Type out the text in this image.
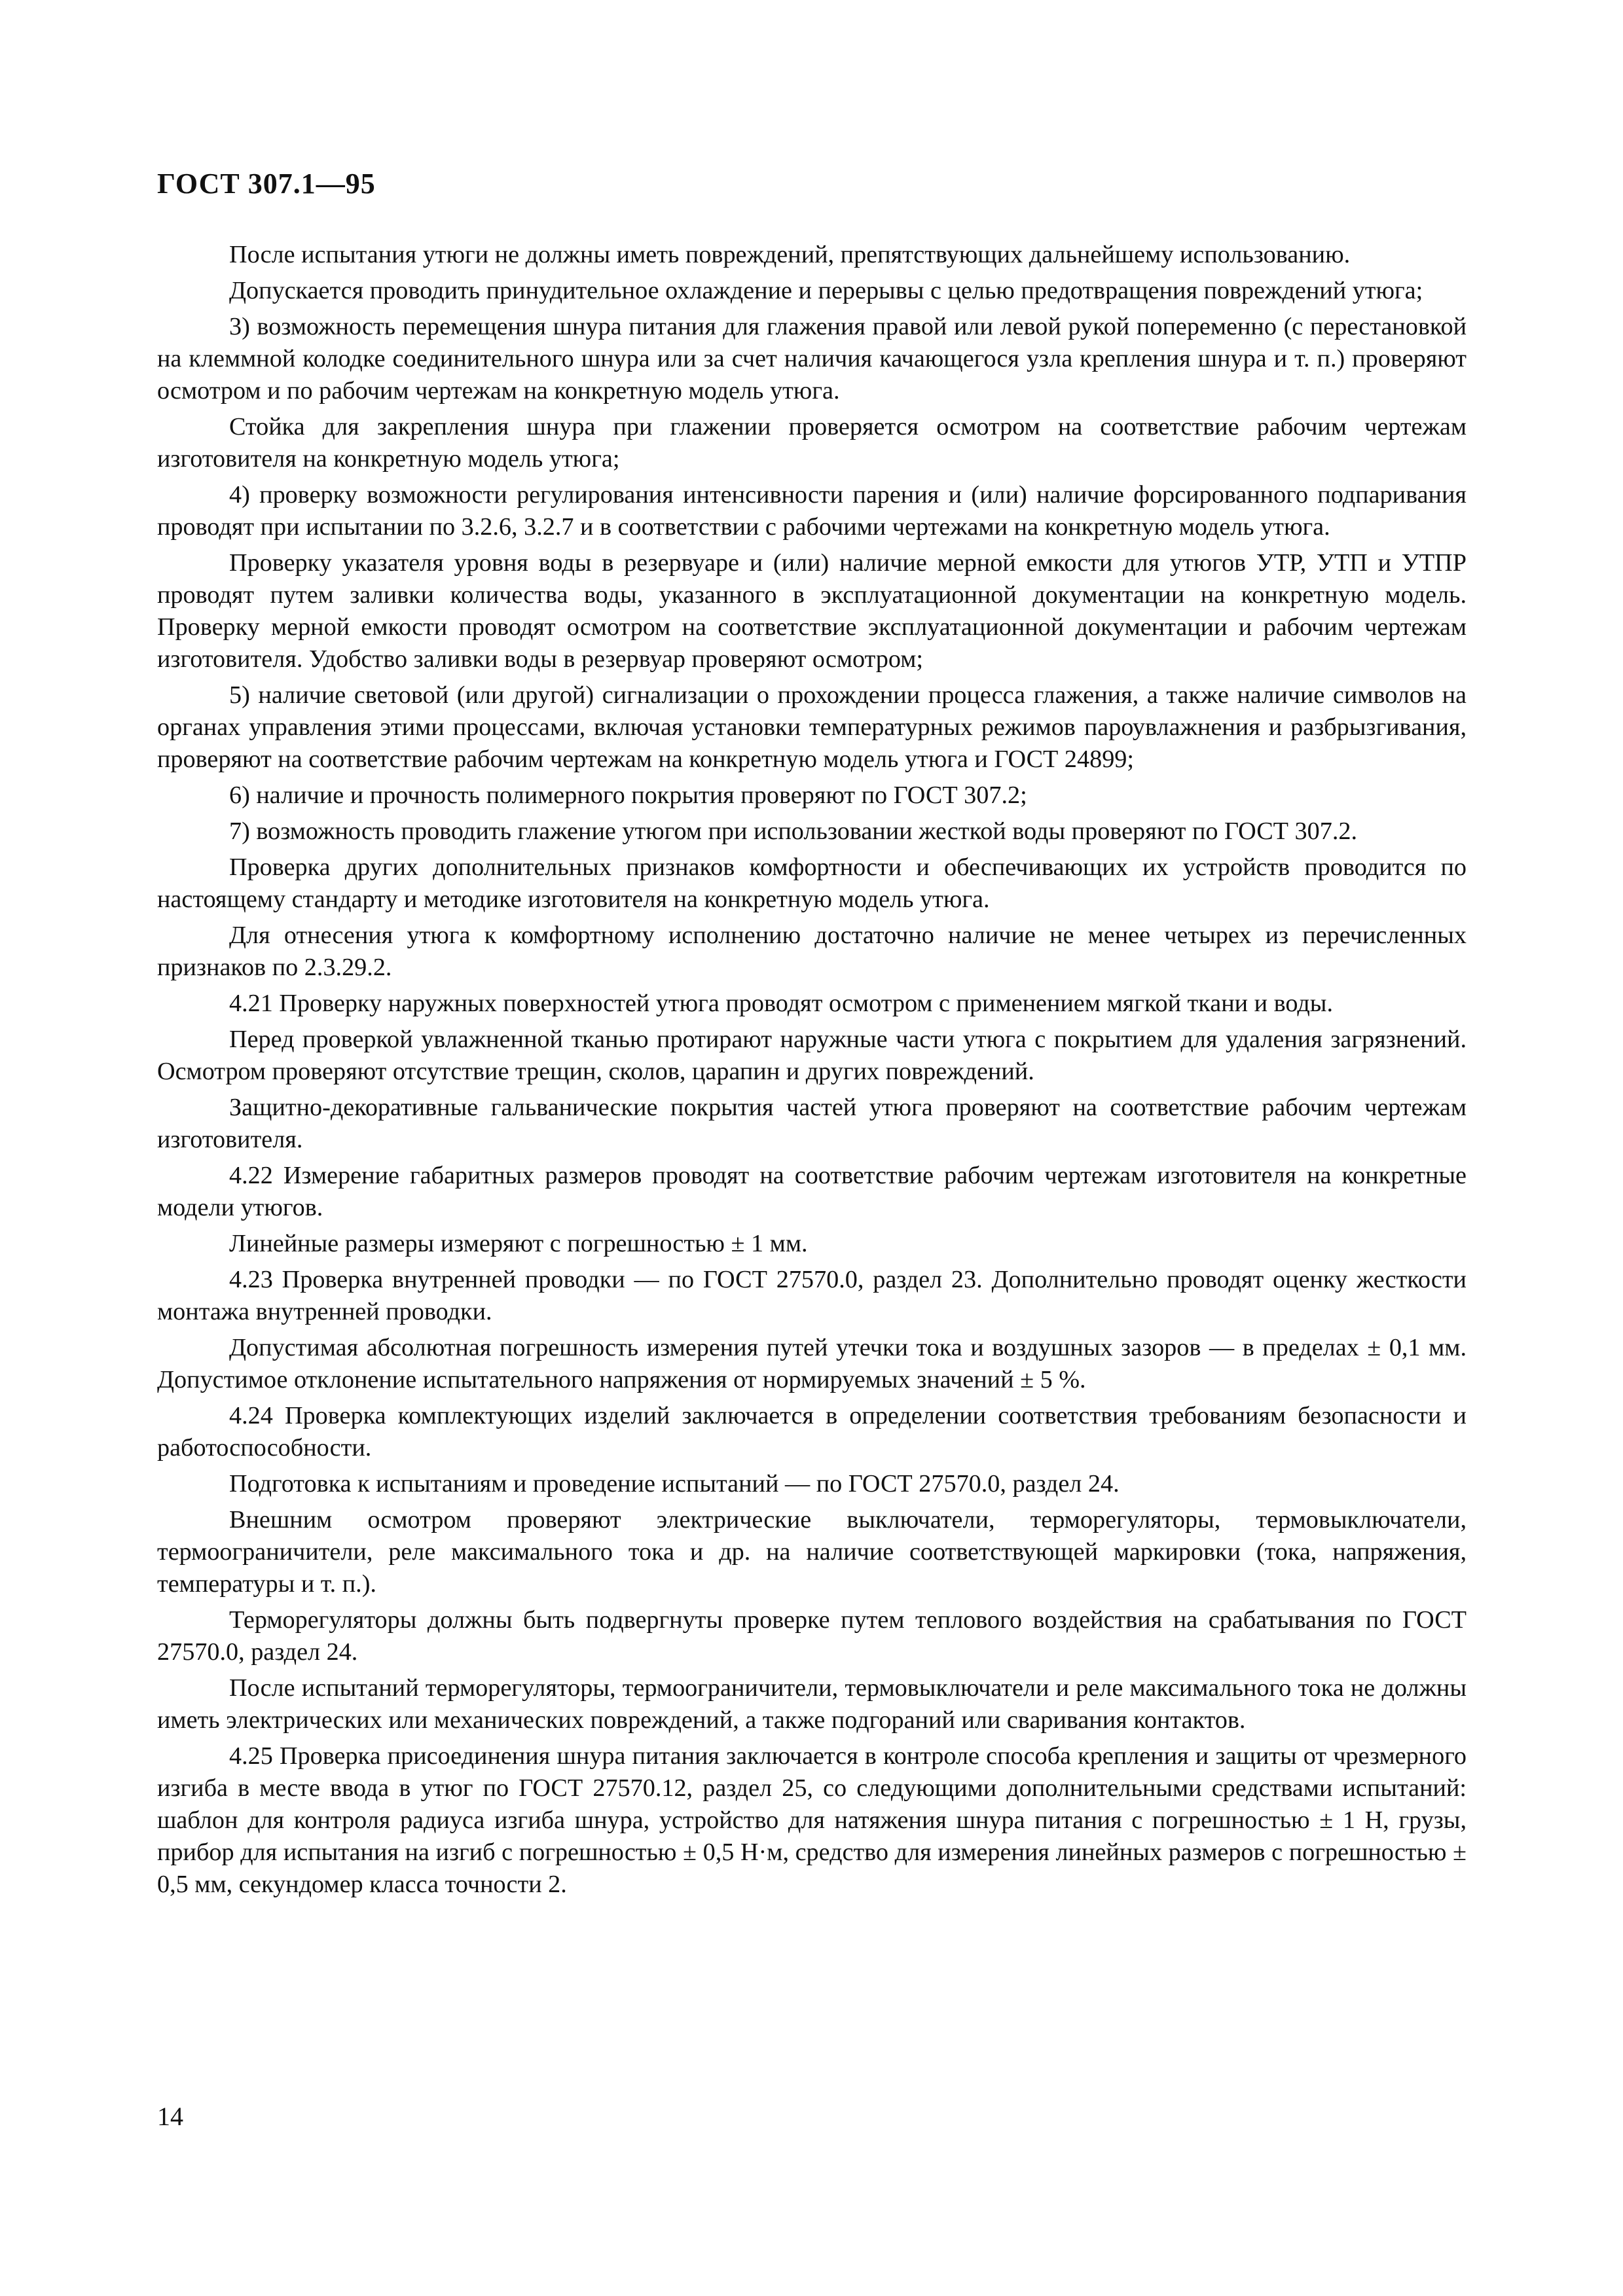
ГОСТ 307.1—95

После испытания утюги не должны иметь повреждений, препятствующих дальнейшему использованию.

Допускается проводить принудительное охлаждение и перерывы с целью предотвращения повреждений утюга;

3) возможность перемещения шнура питания для глажения правой или левой рукой попеременно (с перестановкой на клеммной колодке соединительного шнура или за счет наличия качающегося узла крепления шнура и т. п.) проверяют осмотром и по рабочим чертежам на конкретную модель утюга.

Стойка для закрепления шнура при глажении проверяется осмотром на соответствие рабочим чертежам изготовителя на конкретную модель утюга;

4) проверку возможности регулирования интенсивности парения и (или) наличие форсированного подпаривания проводят при испытании по 3.2.6, 3.2.7 и в соответствии с рабочими чертежами на конкретную модель утюга.

Проверку указателя уровня воды в резервуаре и (или) наличие мерной емкости для утюгов УТР, УТП и УТПР проводят путем заливки количества воды, указанного в эксплуатационной документации на конкретную модель. Проверку мерной емкости проводят осмотром на соответствие эксплуатационной документации и рабочим чертежам изготовителя. Удобство заливки воды в резервуар проверяют осмотром;

5) наличие световой (или другой) сигнализации о прохождении процесса глажения, а также наличие символов на органах управления этими процессами, включая установки температурных режимов пароувлажнения и разбрызгивания, проверяют на соответствие рабочим чертежам на конкретную модель утюга и ГОСТ 24899;

6) наличие и прочность полимерного покрытия проверяют по ГОСТ 307.2;

7) возможность проводить глажение утюгом при использовании жесткой воды проверяют по ГОСТ 307.2.

Проверка других дополнительных признаков комфортности и обеспечивающих их устройств проводится по настоящему стандарту и методике изготовителя на конкретную модель утюга.

Для отнесения утюга к комфортному исполнению достаточно наличие не менее четырех из перечисленных признаков по 2.3.29.2.

4.21 Проверку наружных поверхностей утюга проводят осмотром с применением мягкой ткани и воды.

Перед проверкой увлажненной тканью протирают наружные части утюга с покрытием для удаления загрязнений. Осмотром проверяют отсутствие трещин, сколов, царапин и других повреждений.

Защитно-декоративные гальванические покрытия частей утюга проверяют на соответствие рабочим чертежам изготовителя.

4.22 Измерение габаритных размеров проводят на соответствие рабочим чертежам изготовителя на конкретные модели утюгов.

Линейные размеры измеряют с погрешностью ± 1 мм.

4.23 Проверка внутренней проводки — по ГОСТ 27570.0, раздел 23. Дополнительно проводят оценку жесткости монтажа внутренней проводки.

Допустимая абсолютная погрешность измерения путей утечки тока и воздушных зазоров — в пределах ± 0,1 мм. Допустимое отклонение испытательного напряжения от нормируемых значений ± 5 %.

4.24 Проверка комплектующих изделий заключается в определении соответствия требованиям безопасности и работоспособности.

Подготовка к испытаниям и проведение испытаний — по ГОСТ 27570.0, раздел 24.

Внешним осмотром проверяют электрические выключатели, терморегуляторы, термовыключатели, термоограничители, реле максимального тока и др. на наличие соответствующей маркировки (тока, напряжения, температуры и т. п.).

Терморегуляторы должны быть подвергнуты проверке путем теплового воздействия на срабатывания по ГОСТ 27570.0, раздел 24.

После испытаний терморегуляторы, термоограничители, термовыключатели и реле максимального тока не должны иметь электрических или механических повреждений, а также подгораний или сваривания контактов.

4.25 Проверка присоединения шнура питания заключается в контроле способа крепления и защиты от чрезмерного изгиба в месте ввода в утюг по ГОСТ 27570.12, раздел 25, со следующими дополнительными средствами испытаний: шаблон для контроля радиуса изгиба шнура, устройство для натяжения шнура питания с погрешностью ± 1 Н, грузы, прибор для испытания на изгиб с погрешностью ± 0,5 Н·м, средство для измерения линейных размеров с погрешностью ± 0,5 мм, секундомер класса точности 2.

14
